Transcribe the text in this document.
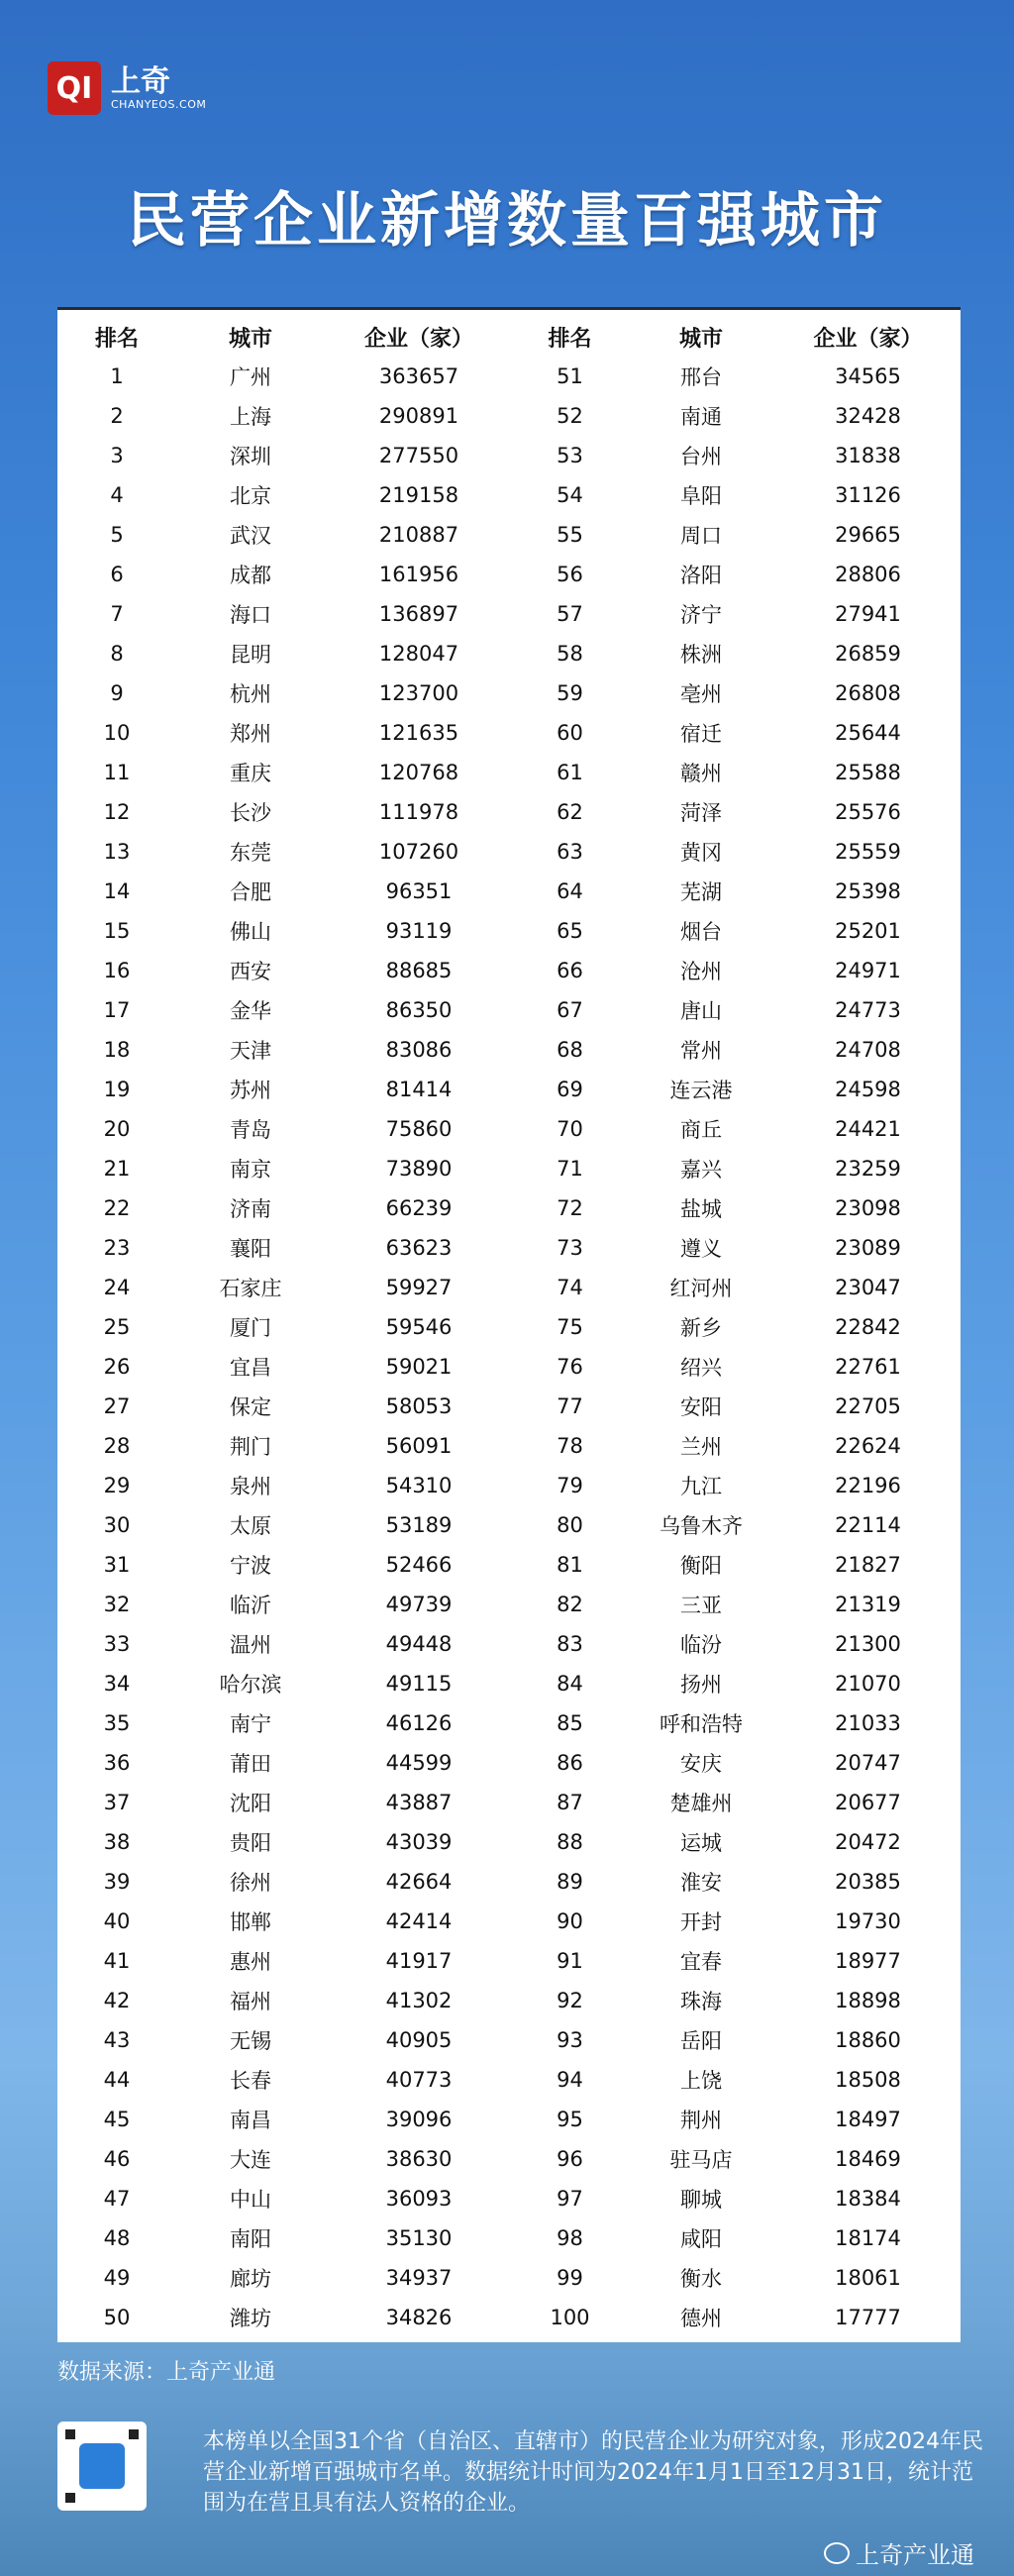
QI 上奇
CHANYEOS.COM
民营企业新增数量百强城市
排名	城市	企业（家）	排名	城市	企业（家）
1	广州	363657	51	邢台	34565
2	上海	290891	52	南通	32428
3	深圳	277550	53	台州	31838
4	北京	219158	54	阜阳	31126
5	武汉	210887	55	周口	29665
6	成都	161956	56	洛阳	28806
7	海口	136897	57	济宁	27941
8	昆明	128047	58	株洲	26859
9	杭州	123700	59	亳州	26808
10	郑州	121635	60	宿迁	25644
11	重庆	120768	61	赣州	25588
12	长沙	111978	62	菏泽	25576
13	东莞	107260	63	黄冈	25559
14	合肥	96351	64	芜湖	25398
15	佛山	93119	65	烟台	25201
16	西安	88685	66	沧州	24971
17	金华	86350	67	唐山	24773
18	天津	83086	68	常州	24708
19	苏州	81414	69	连云港	24598
20	青岛	75860	70	商丘	24421
21	南京	73890	71	嘉兴	23259
22	济南	66239	72	盐城	23098
23	襄阳	63623	73	遵义	23089
24	石家庄	59927	74	红河州	23047
25	厦门	59546	75	新乡	22842
26	宜昌	59021	76	绍兴	22761
27	保定	58053	77	安阳	22705
28	荆门	56091	78	兰州	22624
29	泉州	54310	79	九江	22196
30	太原	53189	80	乌鲁木齐	22114
31	宁波	52466	81	衡阳	21827
32	临沂	49739	82	三亚	21319
33	温州	49448	83	临汾	21300
34	哈尔滨	49115	84	扬州	21070
35	南宁	46126	85	呼和浩特	21033
36	莆田	44599	86	安庆	20747
37	沈阳	43887	87	楚雄州	20677
38	贵阳	43039	88	运城	20472
39	徐州	42664	89	淮安	20385
40	邯郸	42414	90	开封	19730
41	惠州	41917	91	宜春	18977
42	福州	41302	92	珠海	18898
43	无锡	40905	93	岳阳	18860
44	长春	40773	94	上饶	18508
45	南昌	39096	95	荆州	18497
46	大连	38630	96	驻马店	18469
47	中山	36093	97	聊城	18384
48	南阳	35130	98	咸阳	18174
49	廊坊	34937	99	衡水	18061
50	潍坊	34826	100	德州	17777
数据来源：上奇产业通
本榜单以全国31个省（自治区、直辖市）的民营企业为研究对象，形成2024年民营企业新增百强城市名单。数据统计时间为2024年1月1日至12月31日，统计范围为在营且具有法人资格的企业。
上奇产业通
